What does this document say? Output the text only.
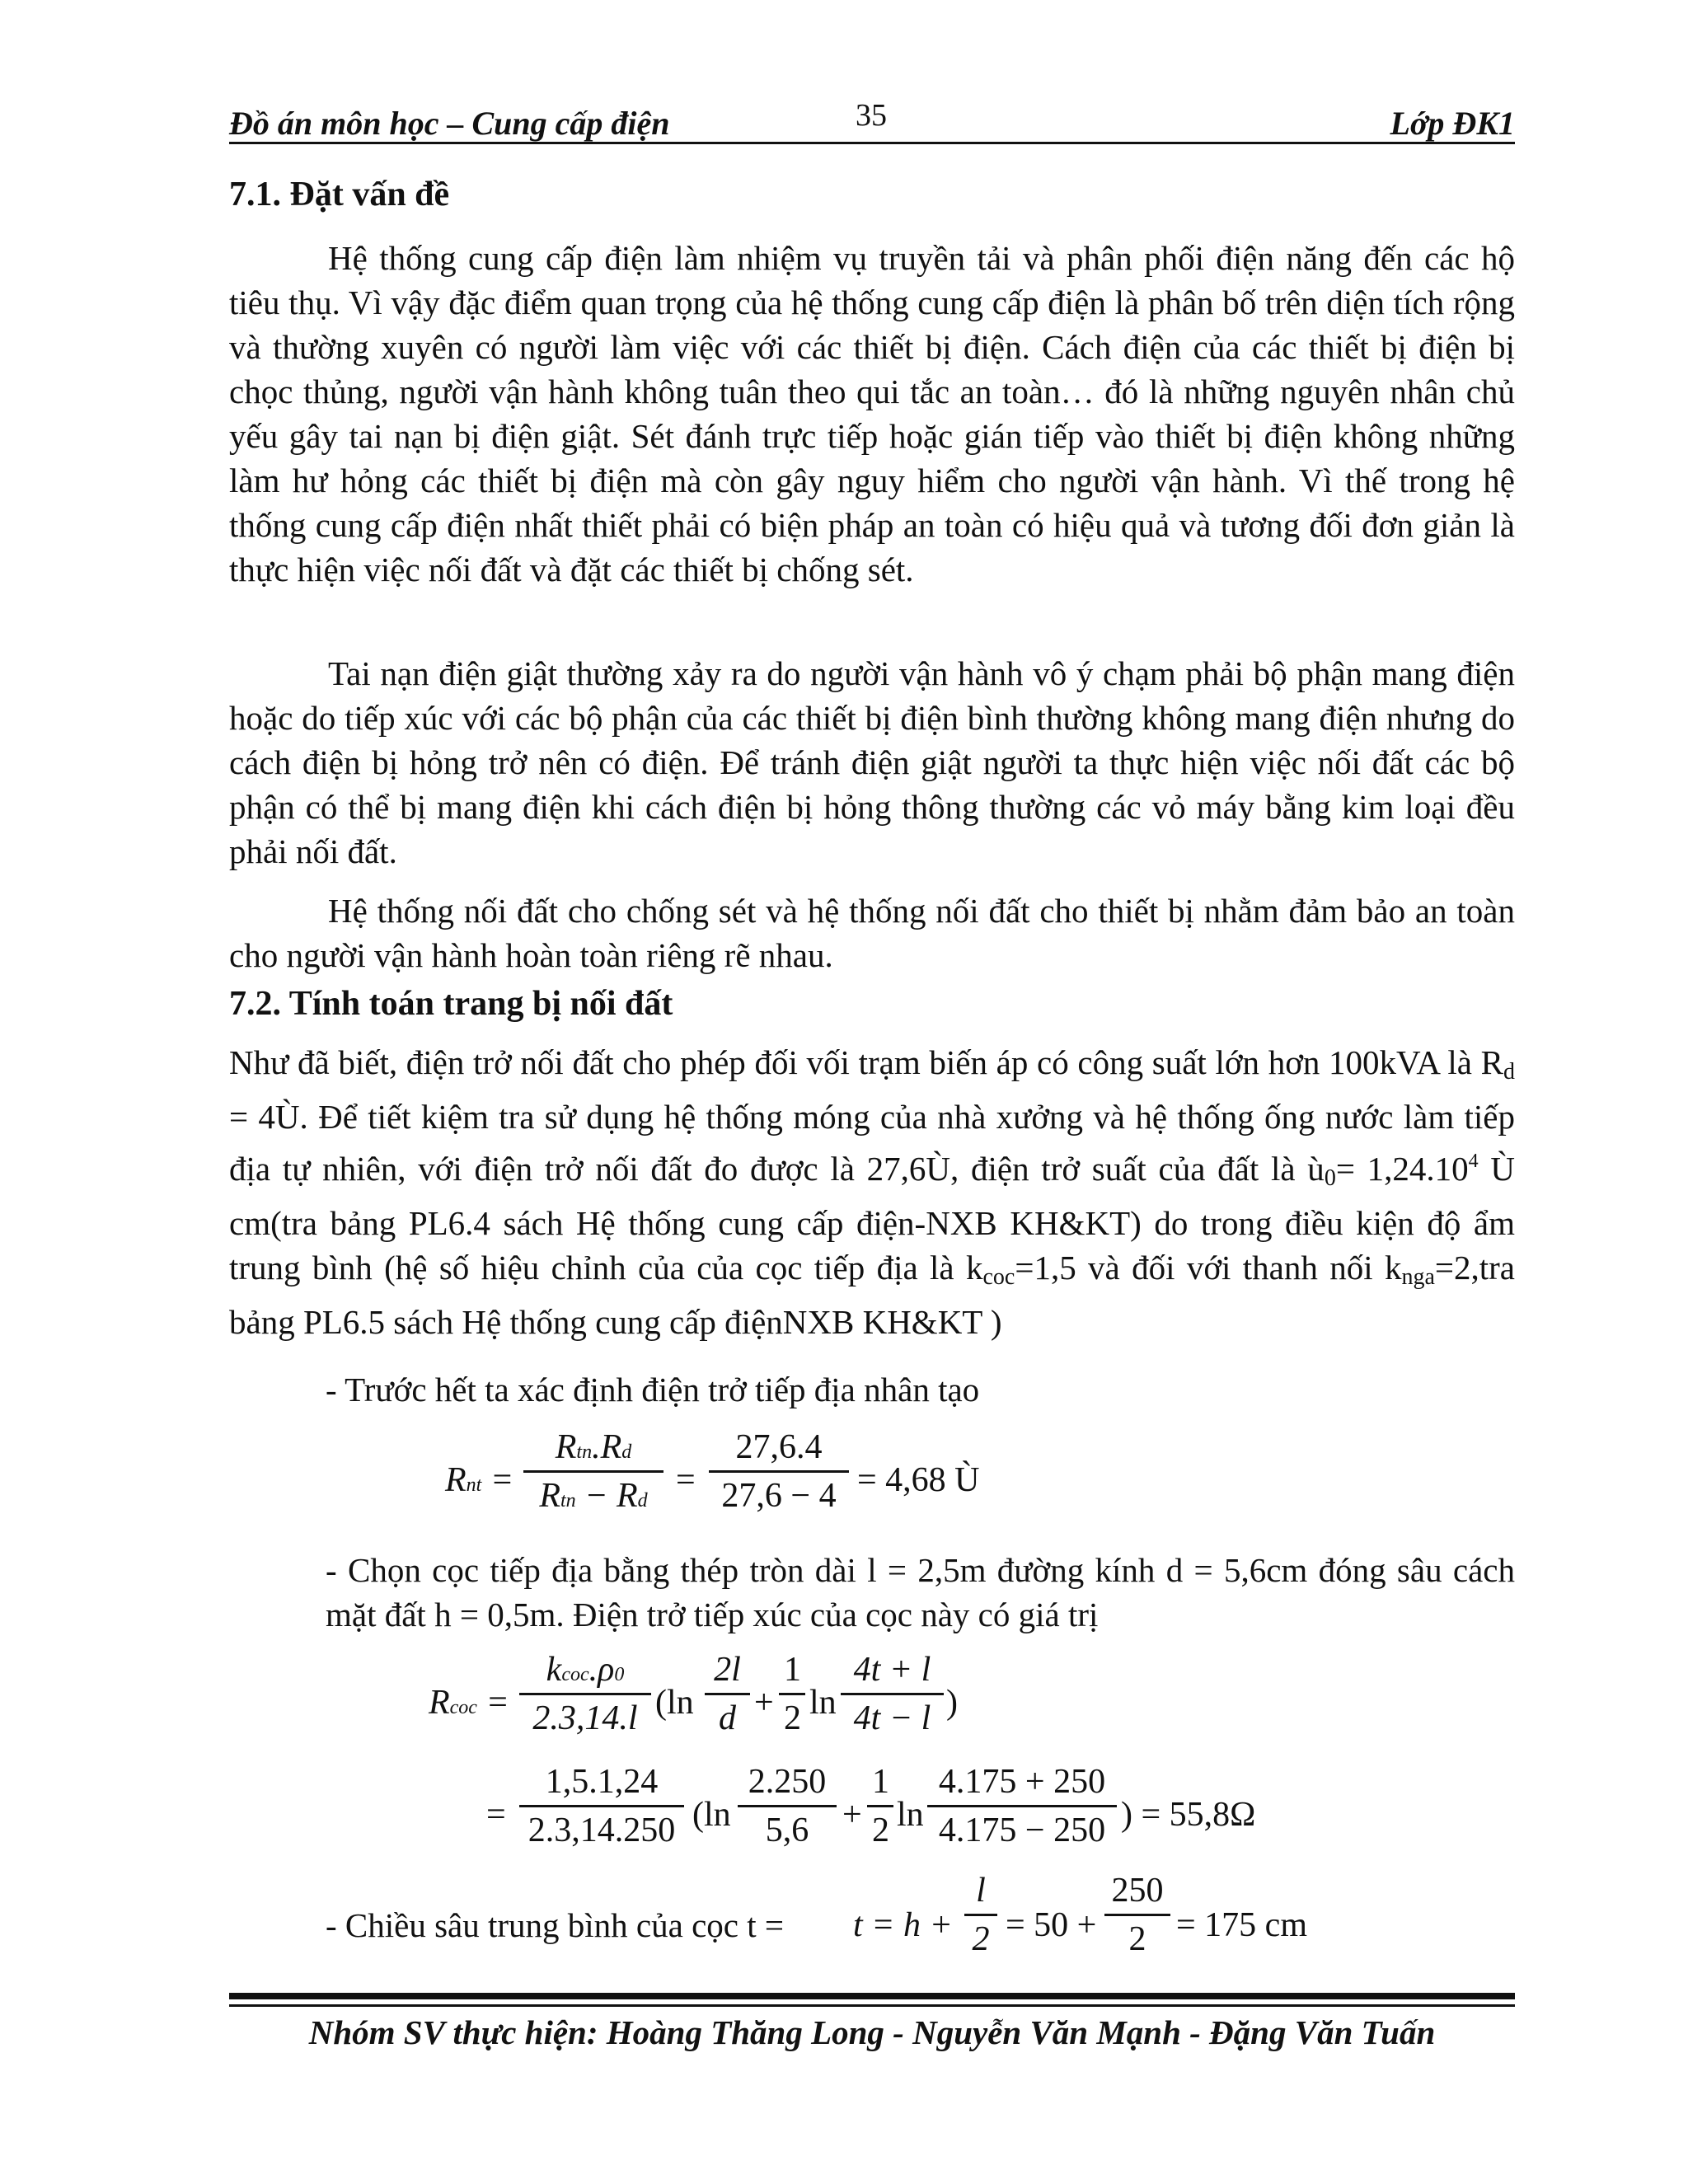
Đồ án môn học – Cung cấp điện	35	Lớp ĐK1
7.1. Đặt vấn đề
Hệ thống cung cấp điện làm nhiệm vụ truyền tải và phân phối điện năng đến các hộ tiêu thụ. Vì vậy đặc điểm quan trọng của hệ thống cung cấp điện là phân bố trên diện tích rộng và thường xuyên có người làm việc với các thiết bị điện. Cách điện của các thiết bị điện bị chọc thủng, người vận hành không tuân theo qui tắc an toàn… đó là những nguyên nhân chủ yếu gây tai nạn bị điện giật. Sét đánh trực tiếp hoặc gián tiếp vào thiết bị điện không những làm hư hỏng các thiết bị điện mà còn gây nguy hiểm cho người vận hành. Vì thế trong hệ thống cung cấp điện nhất thiết phải có biện pháp an toàn có hiệu quả và tương đối đơn giản là thực hiện việc nối đất và đặt các thiết bị chống sét.
Tai nạn điện giật thường xảy ra do người vận hành vô ý chạm phải bộ phận mang điện hoặc do tiếp xúc với các bộ phận của các thiết bị điện bình thường không mang điện nhưng do cách điện bị hỏng trở nên có điện. Để tránh điện giật người ta thực hiện việc nối đất các bộ phận có thể bị mang điện khi cách điện bị hỏng thông thường các vỏ máy bằng kim loại đều phải nối đất.
Hệ thống nối đất cho chống sét và hệ thống nối đất cho thiết bị nhằm đảm bảo an toàn cho người vận hành hoàn toàn riêng rẽ nhau.
7.2. Tính toán trang bị nối đất
Như đã biết, điện trở nối đất cho phép đối vối trạm biến áp có công suất lớn hơn 100kVA là Rd = 4Ù. Để tiết kiệm tra sử dụng hệ thống móng của nhà xưởng và hệ thống ống nước làm tiếp địa tự nhiên, với điện trở nối đất đo được là 27,6Ù, điện trở suất của đất là ù0= $1,24.10^4$ Ù cm(tra bảng PL6.4 sách Hệ thống cung cấp điện-NXB KH&KT) do trong điều kiện độ ẩm trung bình (hệ số hiệu chỉnh của của cọc tiếp địa là kcoc=1,5 và đối với thanh nối knga=2,tra bảng PL6.5 sách Hệ thống cung cấp điệnNXB KH&KT )
- Trước hết ta xác định điện trở tiếp địa nhân tạo
Rnt =
Rtn.Rd
Rtn − Rd
=
27,6.4
27,6 − 4 = 4,68 Ù
- Chọn cọc tiếp địa bằng thép tròn dài l = 2,5m đường kính d = 5,6cm đóng sâu cách mặt đất h = 0,5m. Điện trở tiếp xúc của cọc này có giá trị
Rcoc =
kcoc.ρ0
2.3,14.l (ln
2l
d +
1
2 ln
4t + l
4t − l )
=
1,5.1,24
2.3,14.250 (ln
2.250
5,6 +
1
2 ln
4.175 + 250
4.175 − 250 ) = 55,8Ω
- Chiều sâu trung bình của cọc t = t = h +
l
2 = 50 +
250
2 = 175 cm
Nhóm SV thực hiện: Hoàng Thăng Long - Nguyễn Văn Mạnh - Đặng Văn Tuấn
